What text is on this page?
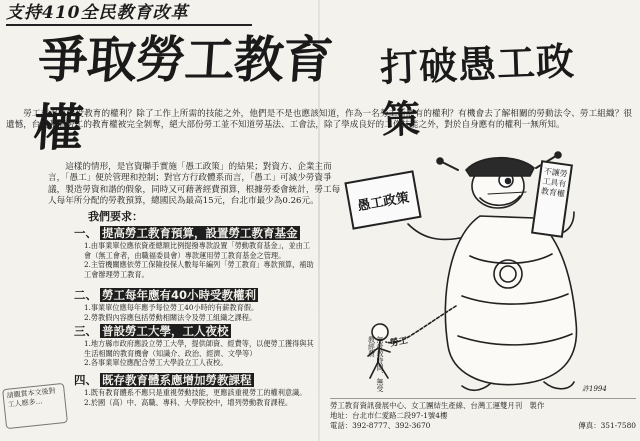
支持410全民教育改革
爭取勞工教育權
打破愚工政策

勞工有沒有接受教育的權利？除了工作上所需的技能之外，他們是不是也應該知道，作為一名勞工所應有的權利？有機會去了解相關的勞動法令、勞工組織？很遺憾，台灣基層勞工的教育權被完全剝奪，絕大部份勞工並不知道勞基法、工會法，除了學成良好的工作技能之外，對於自身應有的權利一無所知。

這樣的情形，是官資聯手實施「愚工政策」的結果；對資方、企業主而言，「愚工」便於管理和控制；對官方行政體系而言，「愚工」可減少勞資爭議，製造勞資和諧的假象，同時又可藉著經費預算，根據勞委會統計，勞工每人每年所分配的勞教預算，總國民為最高15元，台北市最少為0.26元。

我們要求：
一、 提高勞工教育預算，設置勞工教育基金
1.由事業單位應依資產總額比例提撥專款設置「勞動教育基金」，並由工會（無工會者，由職福委員會）專款運用勞工教育基金之管理。
2.主管機關應依勞工保險投保人數每年編列「勞工教育」專款預算，補助工會辦理勞工教育。
二、 勞工每年應有40小時受教權利
1.事業單位應每年應予每位勞工40小時的有薪教育假。
2.勞教假內容應包括勞動相關法令及勞工組織之課程。
三、 普設勞工大學，工人夜校
1.地方縣市政府應設立勞工大學，提供師資、經費等，以便勞工獲得與其生活相關的教育機會（知識介、政治、經濟、文學等）
2.各事業單位應配合勞工大學設立工人夜校。
四、 既存教育體系應增加勞教課程
1.既有教育體系不應只是重視勞動技能，更應該重視勞工的權利意識。
2.於國（高）中、高職、專科、大學院校中，增列勞動教育課程。
請觀賞本文後對工人應多…
愚工政策
不讓勞工具有教育權
勞工
無受教時間、無受教經費
許1994
勞工教育資訊發展中心、女工團結生產線、台灣工運雙月刊　製作
地址：台北市仁愛路二段97-1號4樓
電話：392-8777、392-3670	傳真：351-7580
